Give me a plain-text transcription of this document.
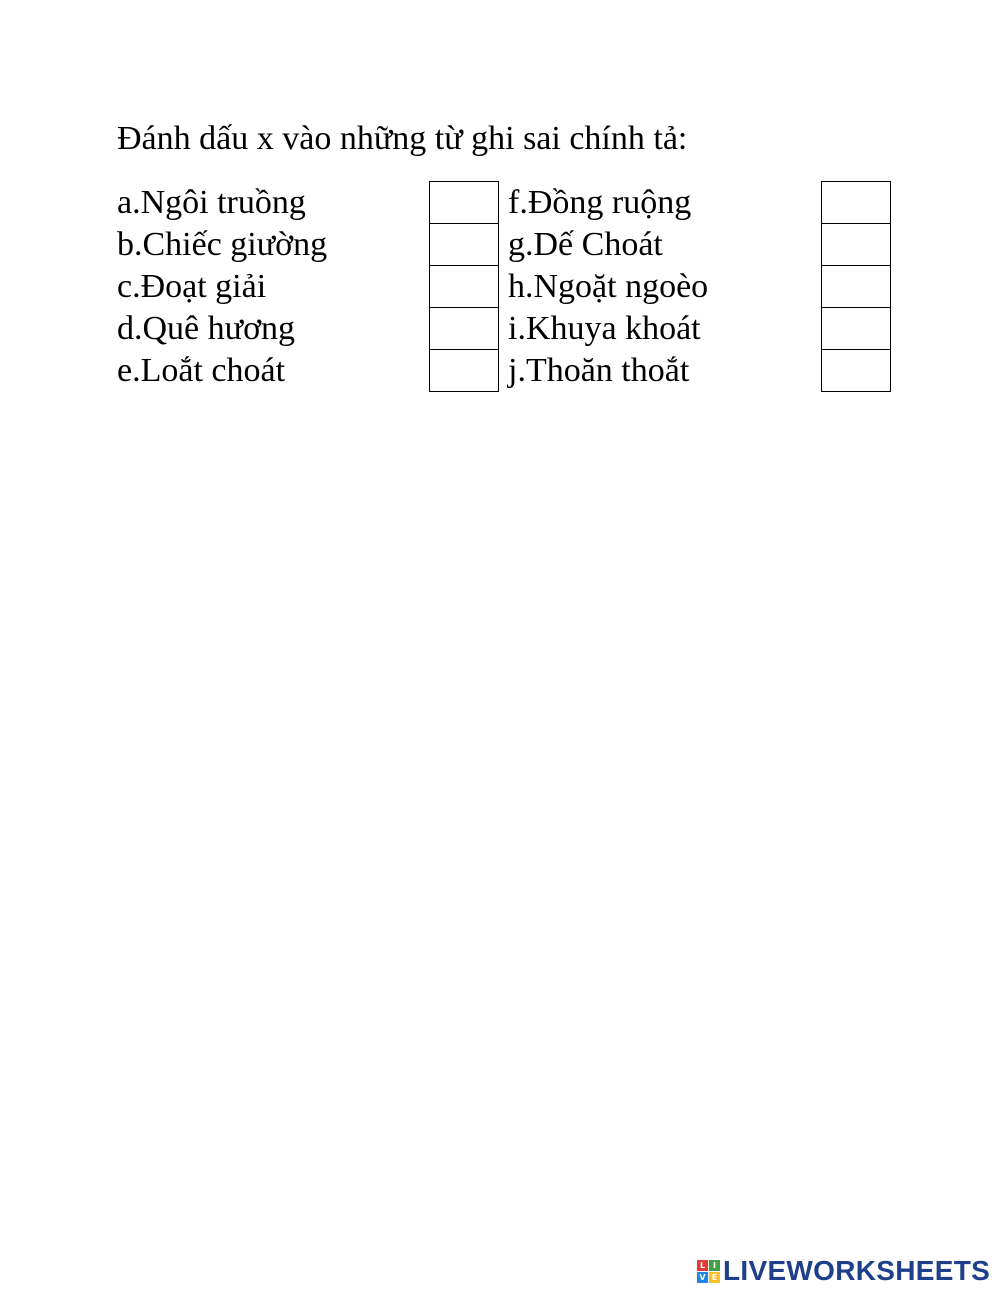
Đánh dấu x vào những từ ghi sai chính tả:
a.Ngôi truồng
b.Chiếc giường
c.Đoạt giải
d.Quê hương
e.Loắt choát
f.Đồng ruộng
g.Dế Choát
h.Ngoặt ngoèo
i.Khuya khoát
j.Thoăn thoắt
L I
V E LIVEWORKSHEETS
